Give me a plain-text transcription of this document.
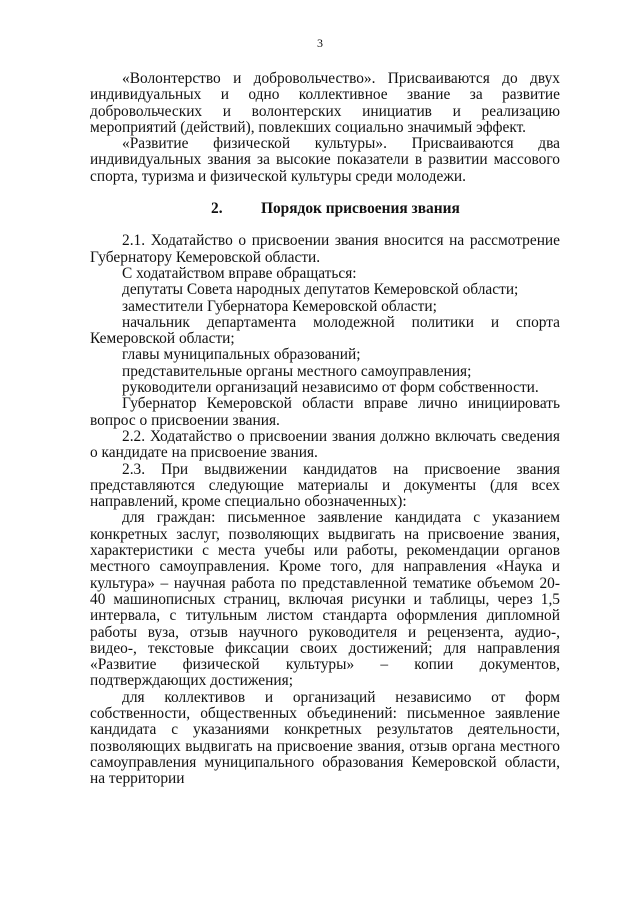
3

«Волонтерство и добровольчество». Присваиваются до двух индивидуальных и одно коллективное звание за развитие добровольческих и волонтерских инициатив и реализацию мероприятий (действий), повлекших социально значимый эффект.

«Развитие физической культуры». Присваиваются два индивидуальных звания за высокие показатели в развитии массового спорта, туризма и физической культуры среди молодежи.

2. Порядок присвоения звания

2.1. Ходатайство о присвоении звания вносится на рассмотрение Губернатору Кемеровской области.

С ходатайством вправе обращаться:

депутаты Совета народных депутатов Кемеровской области;

заместители Губернатора Кемеровской области;

начальник департамента молодежной политики и спорта Кемеровской области;

главы муниципальных образований;

представительные органы местного самоуправления;

руководители организаций независимо от форм собственности.

Губернатор Кемеровской области вправе лично инициировать вопрос о присвоении звания.

2.2. Ходатайство о присвоении звания должно включать сведения о кандидате на присвоение звания.

2.3. При выдвижении кандидатов на присвоение звания представляются следующие материалы и документы (для всех направлений, кроме специально обозначенных):

для граждан: письменное заявление кандидата с указанием конкретных заслуг, позволяющих выдвигать на присвоение звания, характеристики с места учебы или работы, рекомендации органов местного самоуправления. Кроме того, для направления «Наука и культура» – научная работа по представленной тематике объемом 20-40 машинописных страниц, включая рисунки и таблицы, через 1,5 интервала, с титульным листом стандарта оформления дипломной работы вуза, отзыв научного руководителя и рецензента, аудио-, видео-, текстовые фиксации своих достижений; для направления «Развитие физической культуры» – копии документов, подтверждающих достижения;

для коллективов и организаций независимо от форм собственности, общественных объединений: письменное заявление кандидата с указаниями конкретных результатов деятельности, позволяющих выдвигать на присвоение звания, отзыв органа местного самоуправления муниципального образования Кемеровской области, на территории
